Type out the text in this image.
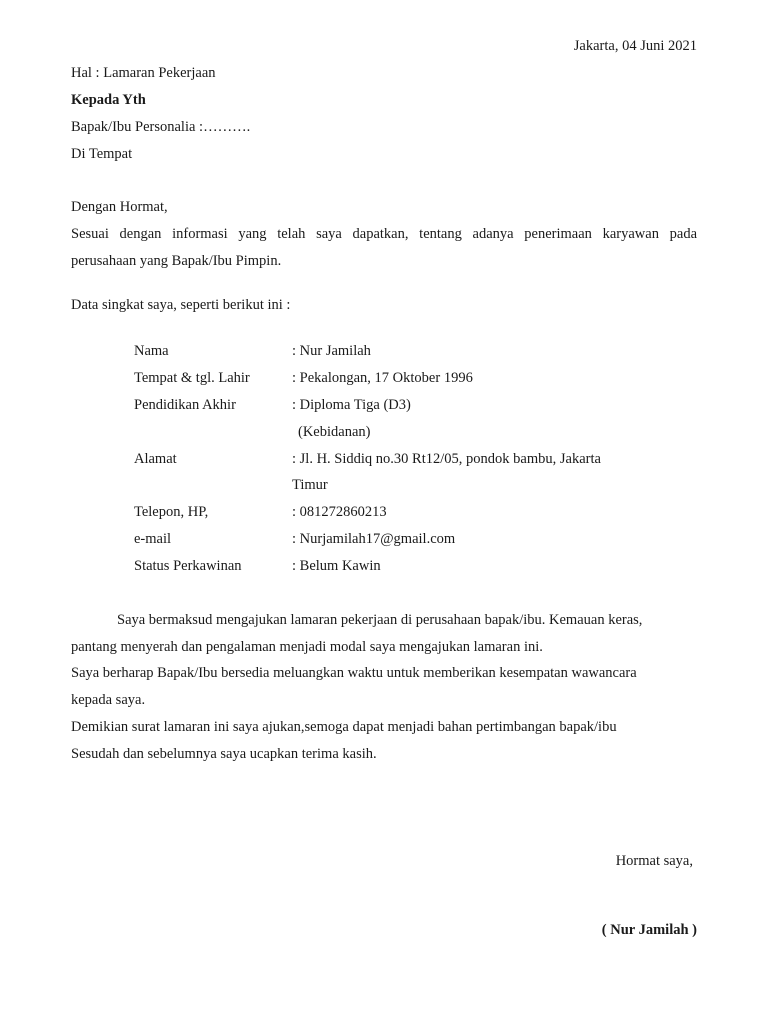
Jakarta, 04 Juni 2021
Hal : Lamaran Pekerjaan
Kepada Yth
Bapak/Ibu Personalia :……….
Di Tempat
Dengan Hormat,
Sesuai dengan informasi yang telah saya dapatkan, tentang adanya penerimaan karyawan pada
perusahaan yang Bapak/Ibu Pimpin.
Data singkat saya, seperti berikut ini :
Nama	: Nur Jamilah
Tempat & tgl. Lahir	: Pekalongan, 17 Oktober 1996
Pendidikan Akhir	: Diploma Tiga (D3)
(Kebidanan)
Alamat	: Jl. H. Siddiq no.30 Rt12/05, pondok bambu, Jakarta
Timur
Telepon, HP,	: 081272860213
e-mail	: Nurjamilah17@gmail.com
Status Perkawinan	: Belum Kawin
Saya bermaksud mengajukan lamaran pekerjaan di perusahaan bapak/ibu. Kemauan keras,
pantang menyerah dan pengalaman menjadi modal saya mengajukan lamaran ini.
Saya berharap Bapak/Ibu bersedia meluangkan waktu untuk memberikan kesempatan wawancara
kepada saya.
Demikian surat lamaran ini saya ajukan,semoga dapat menjadi bahan pertimbangan bapak/ibu
Sesudah dan sebelumnya saya ucapkan terima kasih.
Hormat saya,
( Nur Jamilah )
